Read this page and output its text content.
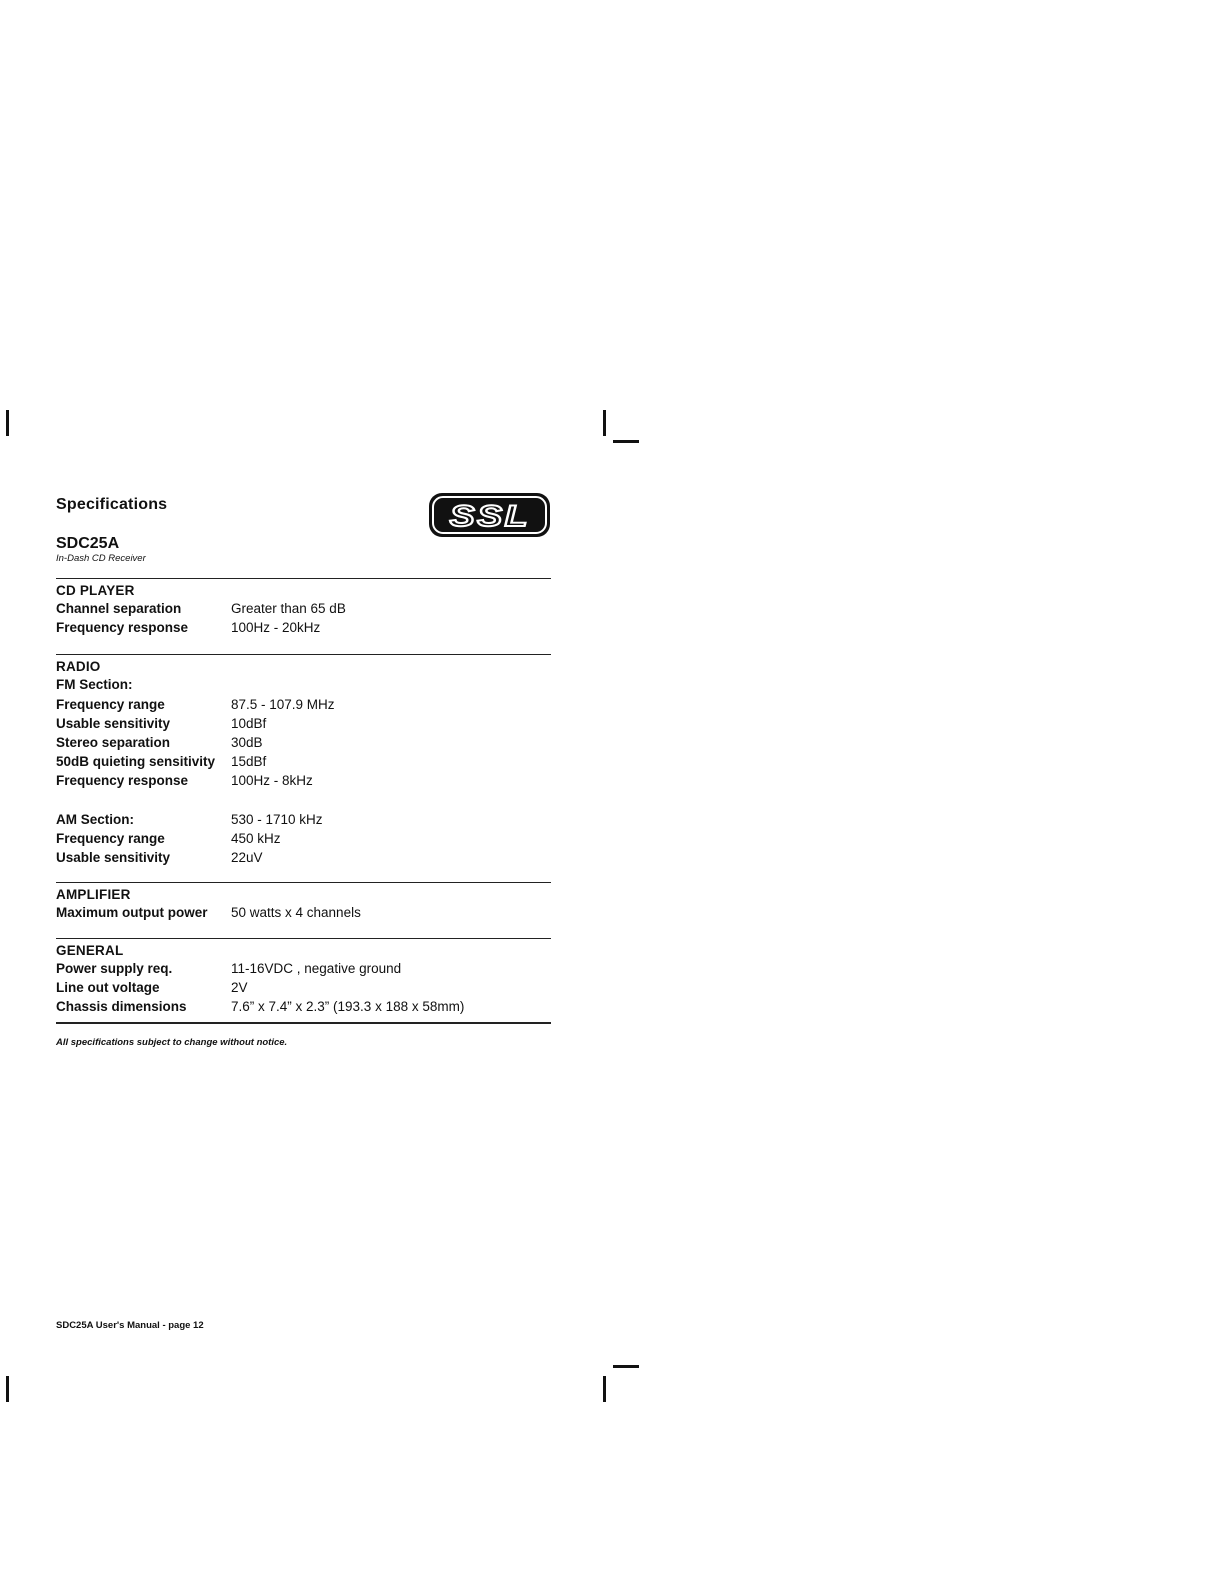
SSL
Specifications
SDC25A
In-Dash CD Receiver
CD PLAYER
Channel separation	Greater than 65 dB
Frequency response	100Hz - 20kHz
RADIO
FM Section:
Frequency range	87.5 - 107.9 MHz
Usable sensitivity	10dBf
Stereo separation	30dB
50dB quieting sensitivity	15dBf
Frequency response	100Hz - 8kHz
AM Section:	530 - 1710 kHz
Frequency range	450 kHz
Usable sensitivity	22uV
AMPLIFIER
Maximum output power	50 watts x 4 channels
GENERAL
Power supply req.	11-16VDC , negative ground
Line out voltage	2V
Chassis dimensions	7.6” x 7.4” x 2.3” (193.3 x 188 x 58mm)
All specifications subject to change without notice.
SDC25A User's Manual - page 12
